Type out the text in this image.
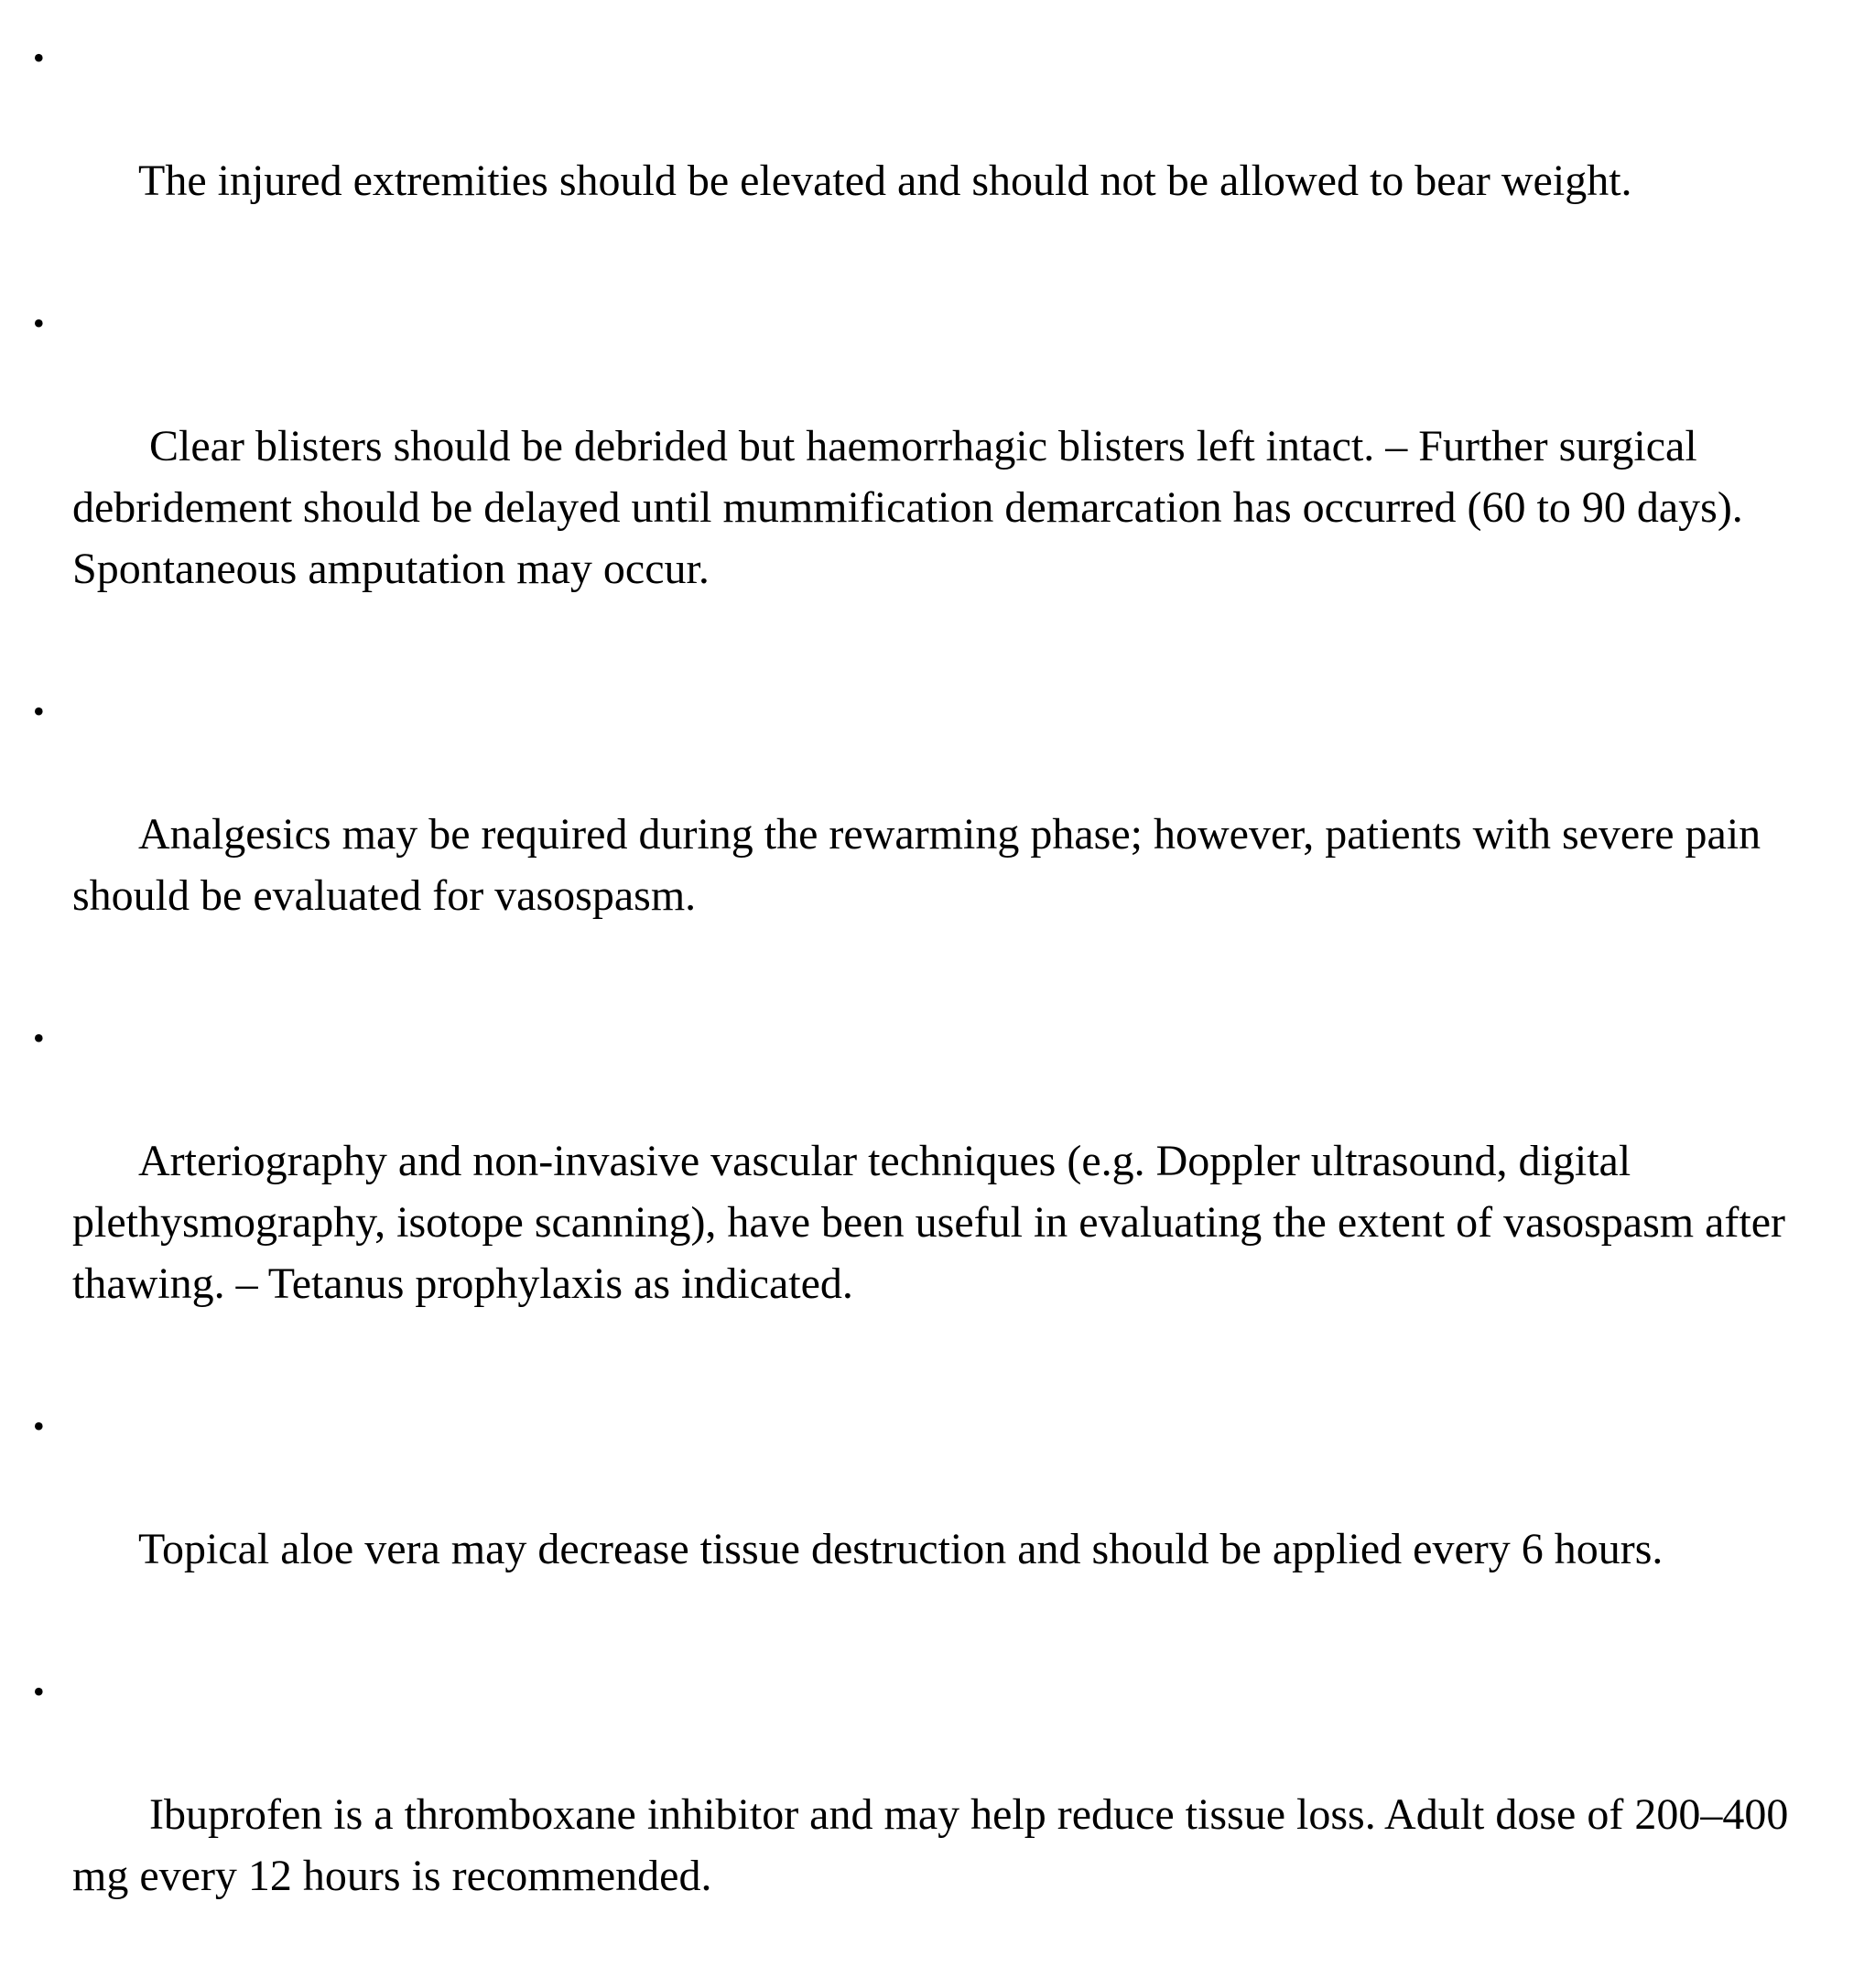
•

The injured extremities should be elevated and should not be allowed to bear weight.

•

Clear blisters should be debrided but haemorrhagic blisters left intact. – Further surgical debridement should be delayed until mummification demarcation has occurred (60 to 90 days). Spontaneous amputation may occur.

•

Analgesics may be required during the rewarming phase; however, patients with severe pain should be evaluated for vasospasm.

•

Arteriography and non-invasive vascular techniques (e.g. Doppler ultrasound, digital plethysmography, isotope scanning), have been useful in evaluating the extent of vasospasm after thawing. – Tetanus prophylaxis as indicated.

•

Topical aloe vera may decrease tissue destruction and should be applied every 6 hours.

•

Ibuprofen is a thromboxane inhibitor and may help reduce tissue loss. Adult dose of 200–400 mg every 12 hours is recommended.
